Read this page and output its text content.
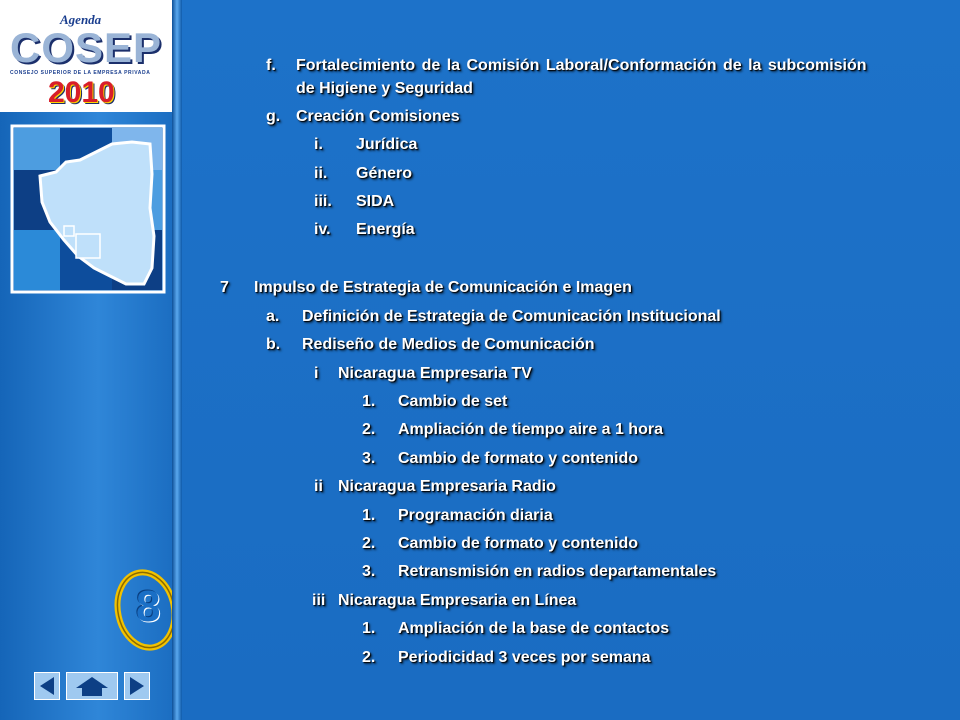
Agenda
COSEP
CONSEJO SUPERIOR DE LA EMPRESA PRIVADA
2010
8
f. Fortalecimiento de la Comisión Laboral/Conformación de la subcomisión
de Higiene y Seguridad
g. Creación Comisiones
i. Jurídica
ii. Género
iii. SIDA
iv. Energía
7 Impulso de Estrategia de Comunicación e Imagen
a. Definición de Estrategia de Comunicación Institucional
b. Rediseño de Medios de Comunicación
i Nicaragua Empresaria TV
1. Cambio de set
2. Ampliación de tiempo aire a 1 hora
3. Cambio de formato y contenido
ii Nicaragua Empresaria Radio
1. Programación diaria
2. Cambio de formato y contenido
3. Retransmisión en radios departamentales
iii Nicaragua Empresaria en Línea
1. Ampliación de la base de contactos
2. Periodicidad 3 veces por semana
